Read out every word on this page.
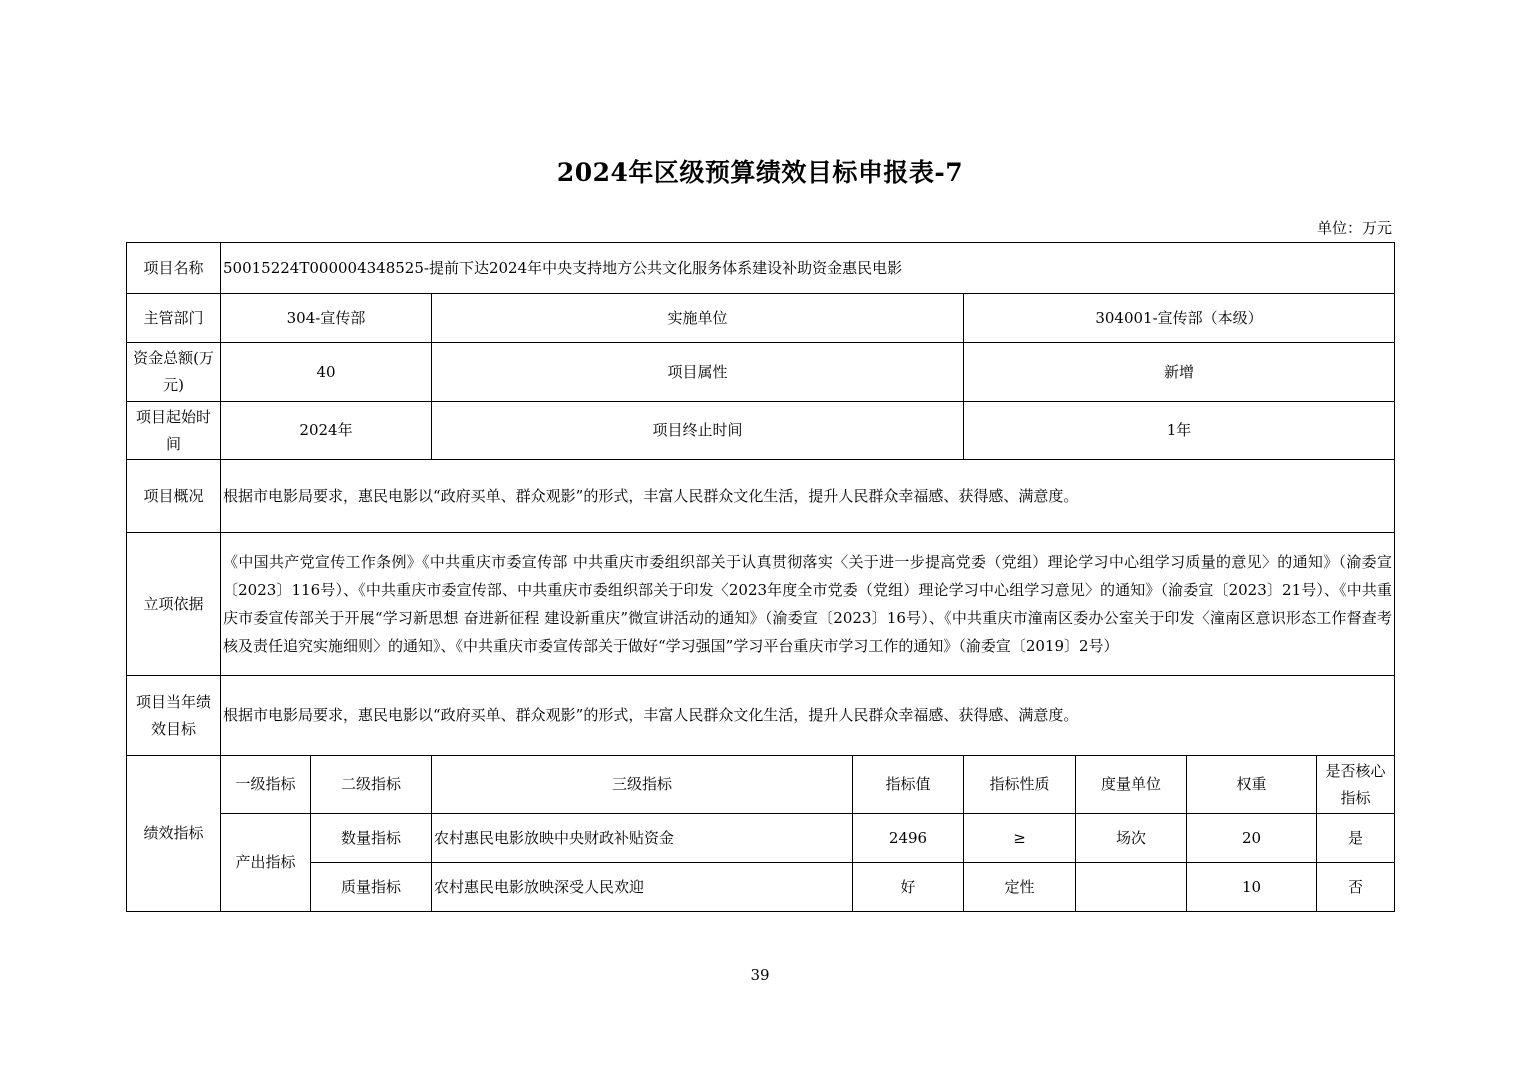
2024年区级预算绩效目标申报表-7
单位：万元
项目名称	50015224T000004348525-提前下达2024年中央支持地方公共文化服务体系建设补助资金惠民电影							
主管部门	304-宣传部		实施单位		304001-宣传部（本级）			
资金总额(万元)	40		项目属性		新增			
项目起始时间	2024年		项目终止时间		1年			
项目概况	根据市电影局要求，惠民电影以“政府买单、群众观影”的形式，丰富人民群众文化生活，提升人民群众幸福感、获得感、满意度。							
立项依据	《中国共产党宣传工作条例》《中共重庆市委宣传部 中共重庆市委组织部关于认真贯彻落实〈关于进一步提高党委（党组）理论学习中心组学习质量的意见〉的通知》（渝委宣〔2023〕116号）、《中共重庆市委宣传部、中共重庆市委组织部关于印发〈2023年度全市党委（党组）理论学习中心组学习意见〉的通知》（渝委宣〔2023〕21号）、《中共重庆市委宣传部关于开展“学习新思想 奋进新征程 建设新重庆”微宣讲活动的通知》（渝委宣〔2023〕16号）、《中共重庆市潼南区委办公室关于印发〈潼南区意识形态工作督查考核及责任追究实施细则〉的通知》、《中共重庆市委宣传部关于做好“学习强国”学习平台重庆市学习工作的通知》（渝委宣〔2019〕2号）							
项目当年绩效目标	根据市电影局要求，惠民电影以“政府买单、群众观影”的形式，丰富人民群众文化生活，提升人民群众幸福感、获得感、满意度。							
绩效指标	一级指标	二级指标	三级指标	指标值	指标性质	度量单位	权重	是否核心指标
	产出指标	数量指标	农村惠民电影放映中央财政补贴资金	2496	≥	场次	20	是
		质量指标	农村惠民电影放映深受人民欢迎	好	定性		10	否
39
